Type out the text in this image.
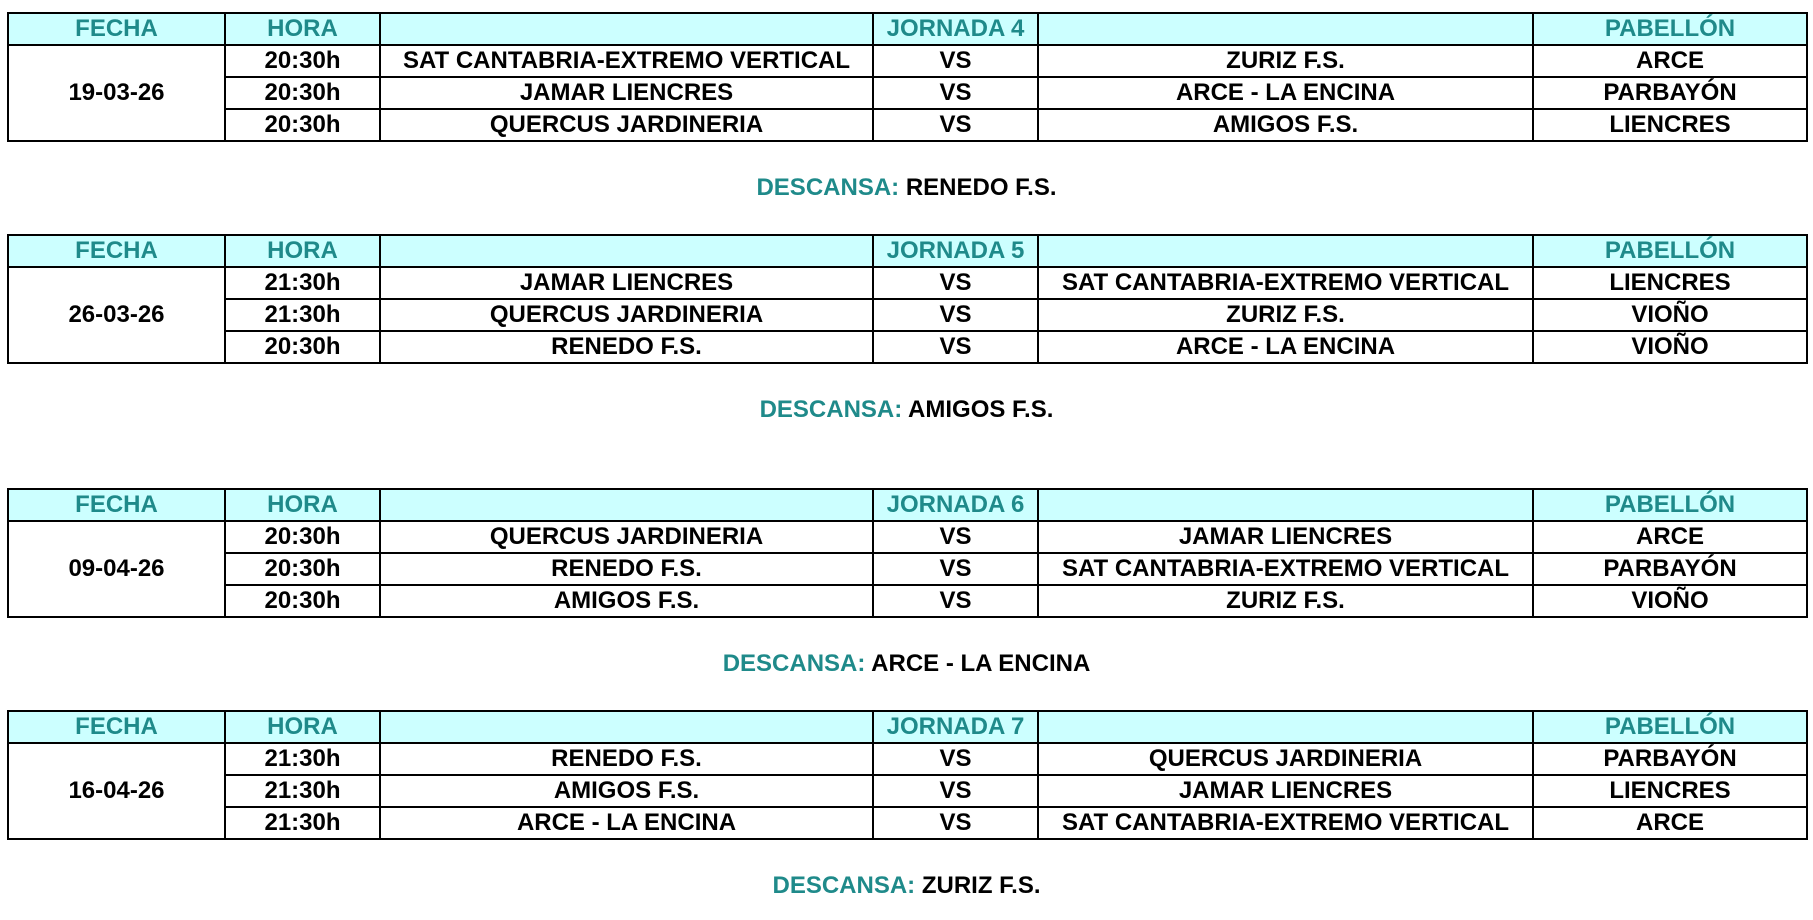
FECHA	HORA		JORNADA 4		PABELLÓN
19-03-26	20:30h	SAT CANTABRIA-EXTREMO VERTICAL	VS	ZURIZ F.S.	ARCE
	20:30h	JAMAR LIENCRES	VS	ARCE - LA ENCINA	PARBAYÓN
	20:30h	QUERCUS JARDINERIA	VS	AMIGOS F.S.	LIENCRES
DESCANSA: RENEDO F.S.
FECHA	HORA		JORNADA 5		PABELLÓN
26-03-26	21:30h	JAMAR LIENCRES	VS	SAT CANTABRIA-EXTREMO VERTICAL	LIENCRES
	21:30h	QUERCUS JARDINERIA	VS	ZURIZ F.S.	VIOÑO
	20:30h	RENEDO F.S.	VS	ARCE - LA ENCINA	VIOÑO
DESCANSA: AMIGOS F.S.
FECHA	HORA		JORNADA 6		PABELLÓN
09-04-26	20:30h	QUERCUS JARDINERIA	VS	JAMAR LIENCRES	ARCE
	20:30h	RENEDO F.S.	VS	SAT CANTABRIA-EXTREMO VERTICAL	PARBAYÓN
	20:30h	AMIGOS F.S.	VS	ZURIZ F.S.	VIOÑO
DESCANSA: ARCE - LA ENCINA
FECHA	HORA		JORNADA 7		PABELLÓN
16-04-26	21:30h	RENEDO F.S.	VS	QUERCUS JARDINERIA	PARBAYÓN
	21:30h	AMIGOS F.S.	VS	JAMAR LIENCRES	LIENCRES
	21:30h	ARCE - LA ENCINA	VS	SAT CANTABRIA-EXTREMO VERTICAL	ARCE
DESCANSA: ZURIZ F.S.
